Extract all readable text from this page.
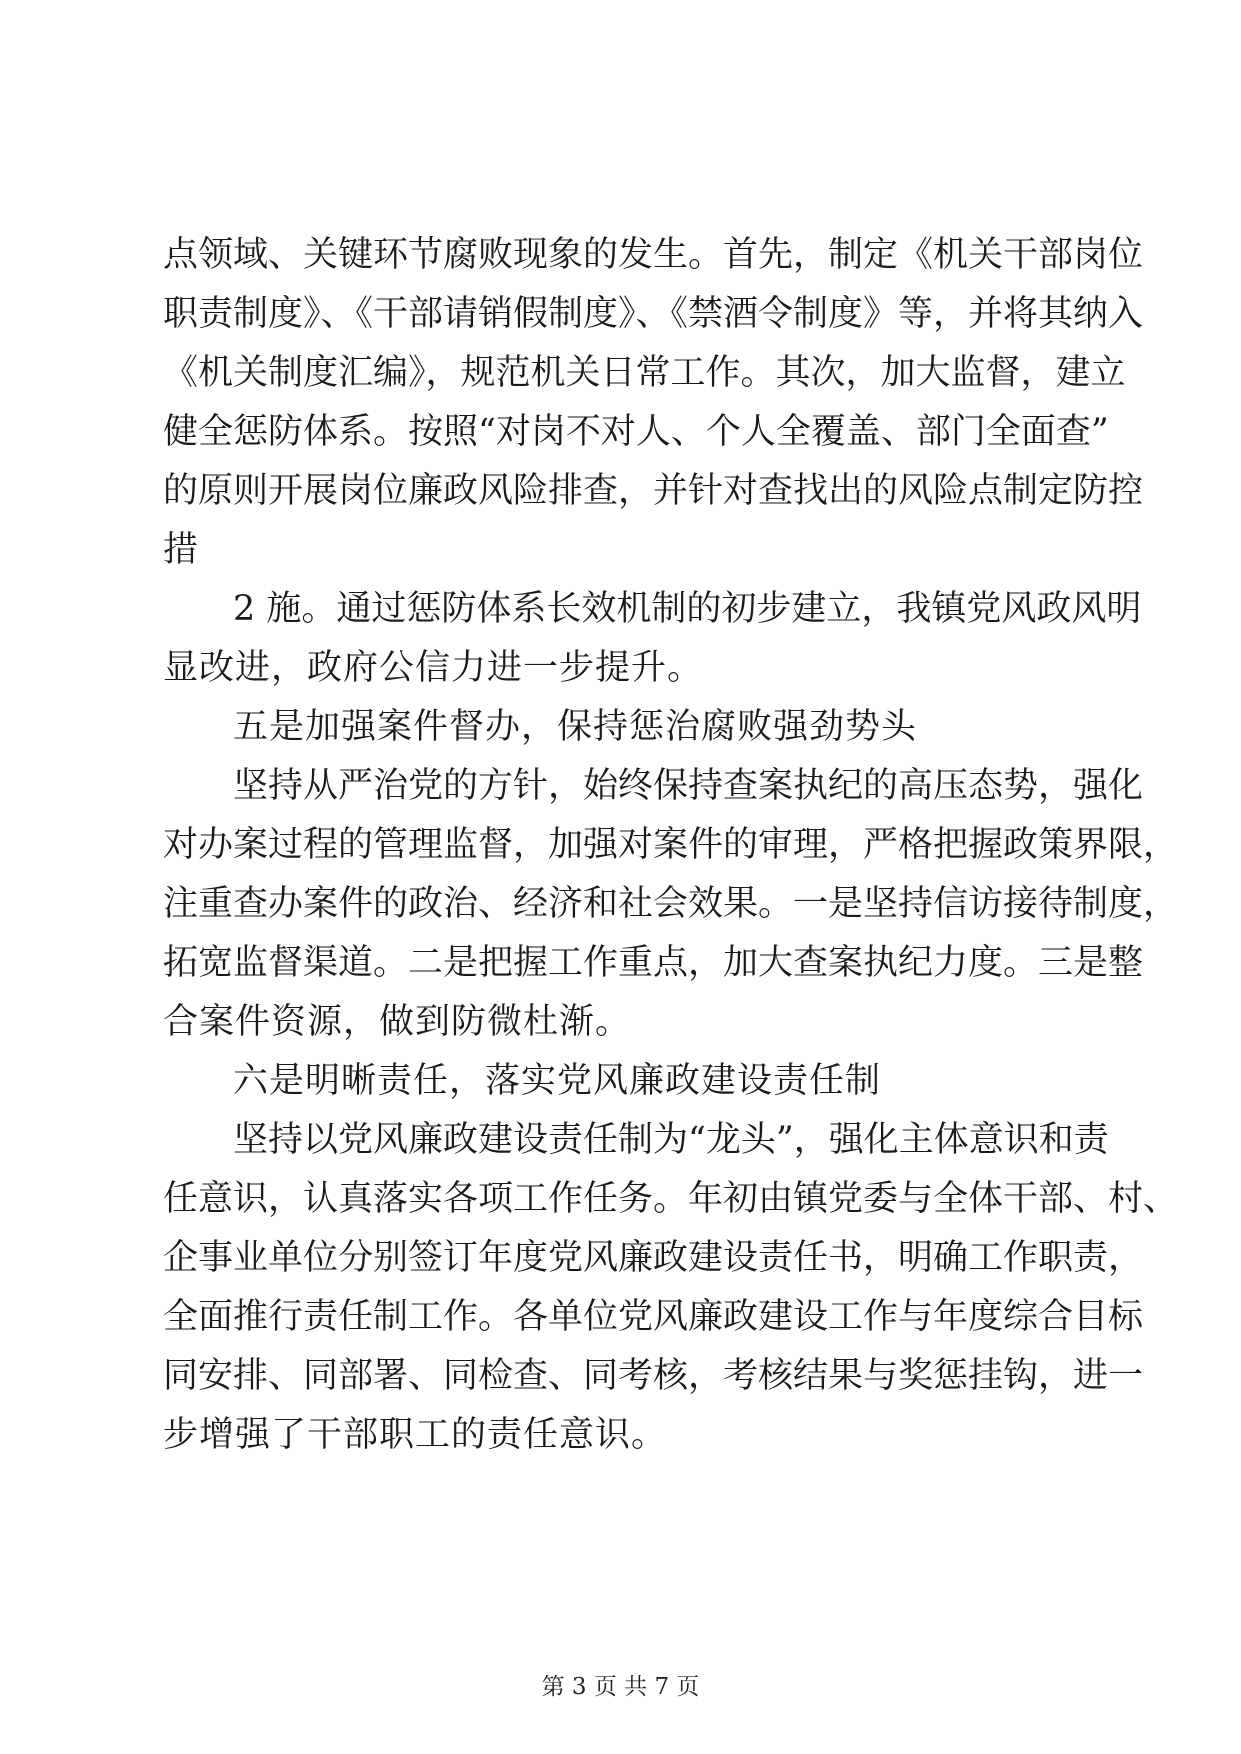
点领域、关键环节腐败现象的发生。首先，制定《机关干部岗位
职责制度》、《干部请销假制度》、《禁酒令制度》等，并将其纳入
《机关制度汇编》，规范机关日常工作。其次，加大监督，建立
健全惩防体系。按照“对岗不对人、个人全覆盖、部门全面查”
的原则开展岗位廉政风险排查，并针对查找出的风险点制定防控
措
2 施。通过惩防体系长效机制的初步建立，我镇党风政风明
显改进，政府公信力进一步提升。
五是加强案件督办，保持惩治腐败强劲势头
坚持从严治党的方针，始终保持查案执纪的高压态势，强化
对办案过程的管理监督，加强对案件的审理，严格把握政策界限，
注重查办案件的政治、经济和社会效果。一是坚持信访接待制度，
拓宽监督渠道。二是把握工作重点，加大查案执纪力度。三是整
合案件资源，做到防微杜渐。
六是明晰责任，落实党风廉政建设责任制
坚持以党风廉政建设责任制为“龙头”，强化主体意识和责
任意识，认真落实各项工作任务。年初由镇党委与全体干部、村、
企事业单位分别签订年度党风廉政建设责任书，明确工作职责，
全面推行责任制工作。各单位党风廉政建设工作与年度综合目标
同安排、同部署、同检查、同考核，考核结果与奖惩挂钩，进一
步增强了干部职工的责任意识。
第 3 页 共 7 页
